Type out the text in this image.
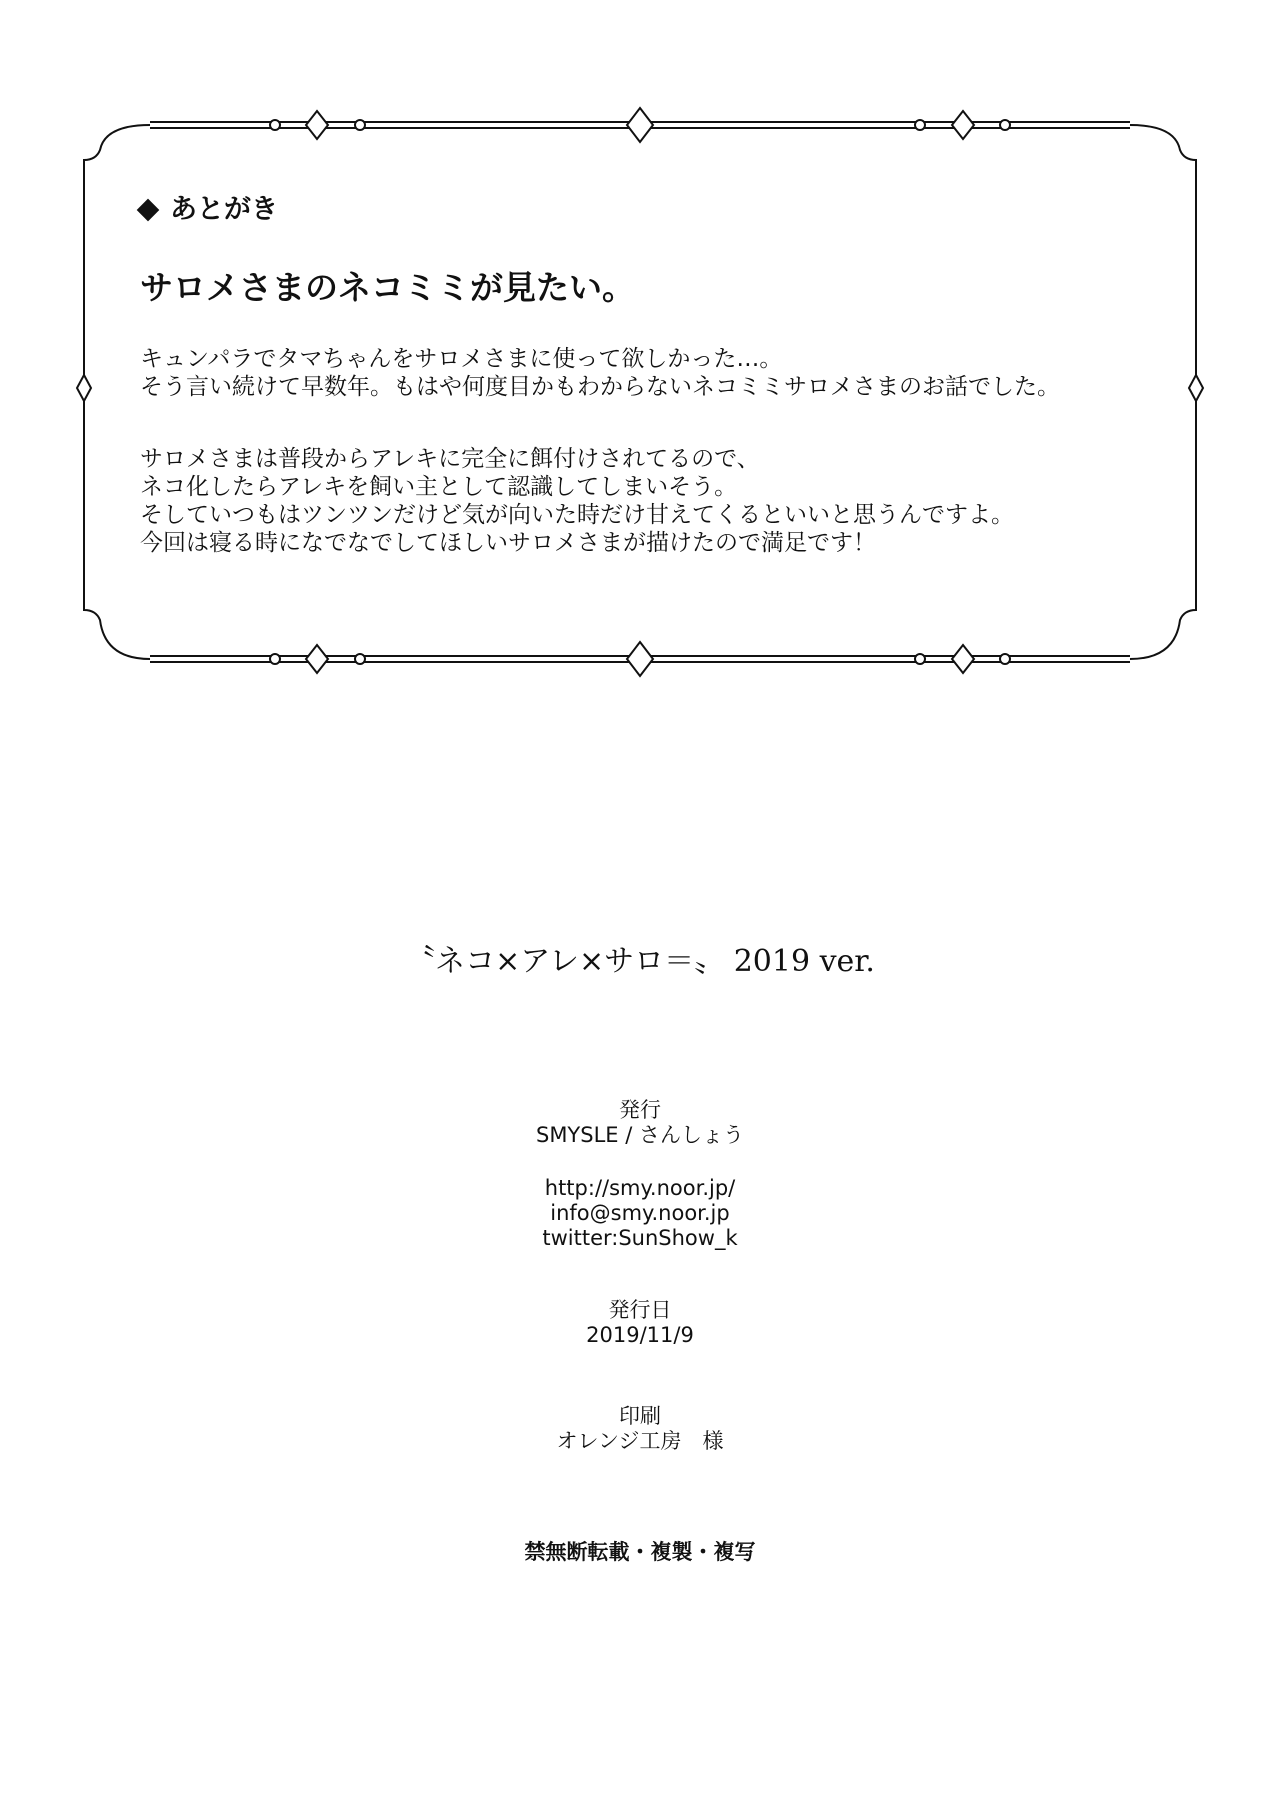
あとがき
サロメさまのネコミミが見たい。

キュンパラでタマちゃんをサロメさまに使って欲しかった…。
そう言い続けて早数年。もはや何度目かもわからないネコミミサロメさまのお話でした。

サロメさまは普段からアレキに完全に餌付けされてるので、
ネコ化したらアレキを飼い主として認識してしまいそう。
そしていつもはツンツンだけど気が向いた時だけ甘えてくるといいと思うんですよ。
今回は寝る時になでなでしてほしいサロメさまが描けたので満足です！

〝ネコ×アレ×サロ＝〟 2019 ver.
発行
SMYSLE / さんしょう
http://smy.noor.jp/
info@smy.noor.jp
twitter:SunShow_k
発行日
2019/11/9
印刷
オレンジ工房　様
禁無断転載・複製・複写
